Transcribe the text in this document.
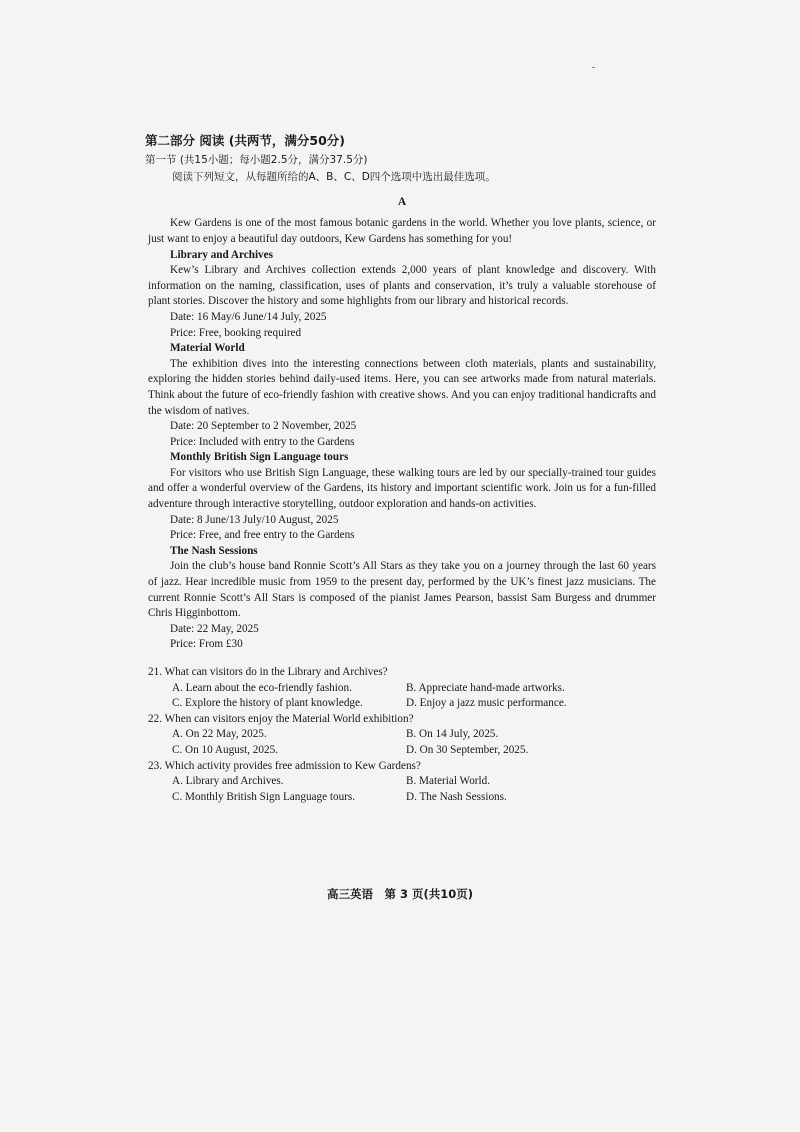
第二部分 阅读 (共两节，满分50分)
第一节 (共15小题；每小题2.5分，满分37.5分)
阅读下列短文，从每题所给的A、B、C、D四个选项中选出最佳选项。
A

Kew Gardens is one of the most famous botanic gardens in the world. Whether you love plants, science, or just want to enjoy a beautiful day outdoors, Kew Gardens has something for you!

Library and Archives

Kew’s Library and Archives collection extends 2,000 years of plant knowledge and discovery. With information on the naming, classification, uses of plants and conservation, it’s truly a valuable storehouse of plant stories. Discover the history and some highlights from our library and historical records.

Date: 16 May/6 June/14 July, 2025
Price: Free, booking required
Material World

The exhibition dives into the interesting connections between cloth materials, plants and sustainability, exploring the hidden stories behind daily-used items. Here, you can see artworks made from natural materials. Think about the future of eco-friendly fashion with creative shows. And you can enjoy traditional handicrafts and the wisdom of natives.

Date: 20 September to 2 November, 2025
Price: Included with entry to the Gardens
Monthly British Sign Language tours

For visitors who use British Sign Language, these walking tours are led by our specially-trained tour guides and offer a wonderful overview of the Gardens, its history and important scientific work. Join us for a fun-filled adventure through interactive storytelling, outdoor exploration and hands-on activities.

Date: 8 June/13 July/10 August, 2025
Price: Free, and free entry to the Gardens
The Nash Sessions

Join the club’s house band Ronnie Scott’s All Stars as they take you on a journey through the last 60 years of jazz. Hear incredible music from 1959 to the present day, performed by the UK’s finest jazz musicians. The current Ronnie Scott’s All Stars is composed of the pianist James Pearson, bassist Sam Burgess and drummer Chris Higginbottom.

Date: 22 May, 2025
Price: From £30
21. What can visitors do in the Library and Archives?
A. Learn about the eco-friendly fashion.	B. Appreciate hand-made artworks.
C. Explore the history of plant knowledge.	D. Enjoy a jazz music performance.
22. When can visitors enjoy the Material World exhibition?
A. On 22 May, 2025.	B. On 14 July, 2025.
C. On 10 August, 2025.	D. On 30 September, 2025.
23. Which activity provides free admission to Kew Gardens?
A. Library and Archives.	B. Material World.
C. Monthly British Sign Language tours.	D. The Nash Sessions.
高三英语　第 3 页(共10页)
